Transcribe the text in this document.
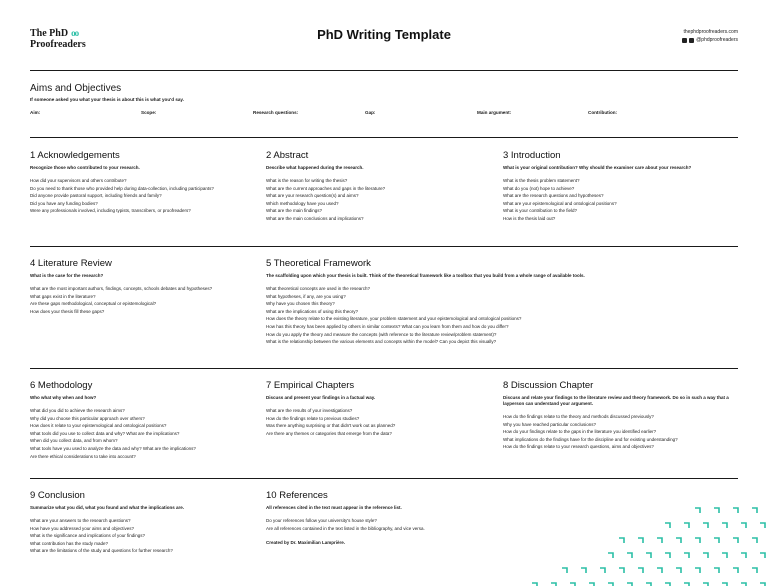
The PhD oo
Proofreaders
PhD Writing Template	thephdproofreaders.com
@phdproofreaders
Aims and Objectives
If someone asked you what your thesis is about this is what you'd say.
Aim:	Scope:	Research questions:	Gap:	Main argument:	Contribution:
1 Acknowledgements
Recognize those who contributed to your research.
How did your supervisors and others contribute?
Do you need to thank those who provided help during data-collection, including participants?
Did anyone provide pastoral support, including friends and family?
Did you have any funding bodies?
Were any professionals involved, including typists, transcribers, or proofreaders?
2 Abstract
Describe what happened during the research.
What is the reason for writing the thesis?
What are the current approaches and gaps in the literature?
What are your research question(s) and aims?
Which methodology have you used?
What are the main findings?
What are the main conclusions and implications?
3 Introduction
What is your original contribution? Why should the examiner care about your research?
What is the thesis problem statement?
What do you (not) hope to achieve?
What are the research questions and hypotheses?
What are your epistemological and ontological positions?
What is your contribution to the field?
How is the thesis laid out?
4 Literature Review
What is the case for the research?
What are the most important authors, findings, concepts, schools debates and hypotheses?
What gaps exist in the literature?
Are these gaps methodological, conceptual or epistemological?
How does your thesis fill these gaps?
5 Theoretical Framework
The scaffolding upon which your thesis is built. Think of the theoretical framework like a toolbox that you build from a whole range of available tools.
What theoretical concepts are used in the research?
What hypotheses, if any, are you using?
Why have you chosen this theory?
What are the implications of using this theory?
How does the theory relate to the existing literature, your problem statement and your epistemological and ontological positions?
How has this theory has been applied by others in similar contexts? What can you learn from them and how do you differ?
How do you apply the theory and measure the concepts (with reference to the literature review/problem statement)?
What is the relationship between the various elements and concepts within the model? Can you depict this visually?
6 Methodology
Who what why when and how?
What did you did to achieve the research aims?
Why did you choose this particular approach over others?
How does it relate to your epistemological and ontological positions?
What tools did you use to collect data and why? What are the implications?
When did you collect data, and from whom?
What tools have you used to analyze the data and why? What are the implications?
Are there ethical considerations to take into account?
7 Empirical Chapters
Discuss and present your findings in a factual way.
What are the results of your investigations?
How do the findings relate to previous studies?
Was there anything surprising or that didn't work out as planned?
Are there any themes or categories that emerge from the data?
8 Discussion Chapter
Discuss and relate your findings to the literature review and theory framework. Do so in such a way that a layperson can understand your argument.
How do the findings relate to the theory and methods discussed previously?
Why you have reached particular conclusions?
How do your findings relate to the gaps in the literature you identified earlier?
What implications do the findings have for the discipline and for existing understanding?
How do the findings relate to your research questions, aims and objectives?
9 Conclusion
Summarize what you did, what you found and what the implications are.
What are your answers to the research questions?
How have you addressed your aims and objectives?
What is the significance and implications of your findings?
What contribution has the study made?
What are the limitations of the study and questions for further research?
10 References
All references cited in the text must appear in the reference list.
Do your references follow your university's house style?
Are all references contained in the text listed in the bibliography, and vice versa.
Created by Dr. Maximilian Lamprière.
